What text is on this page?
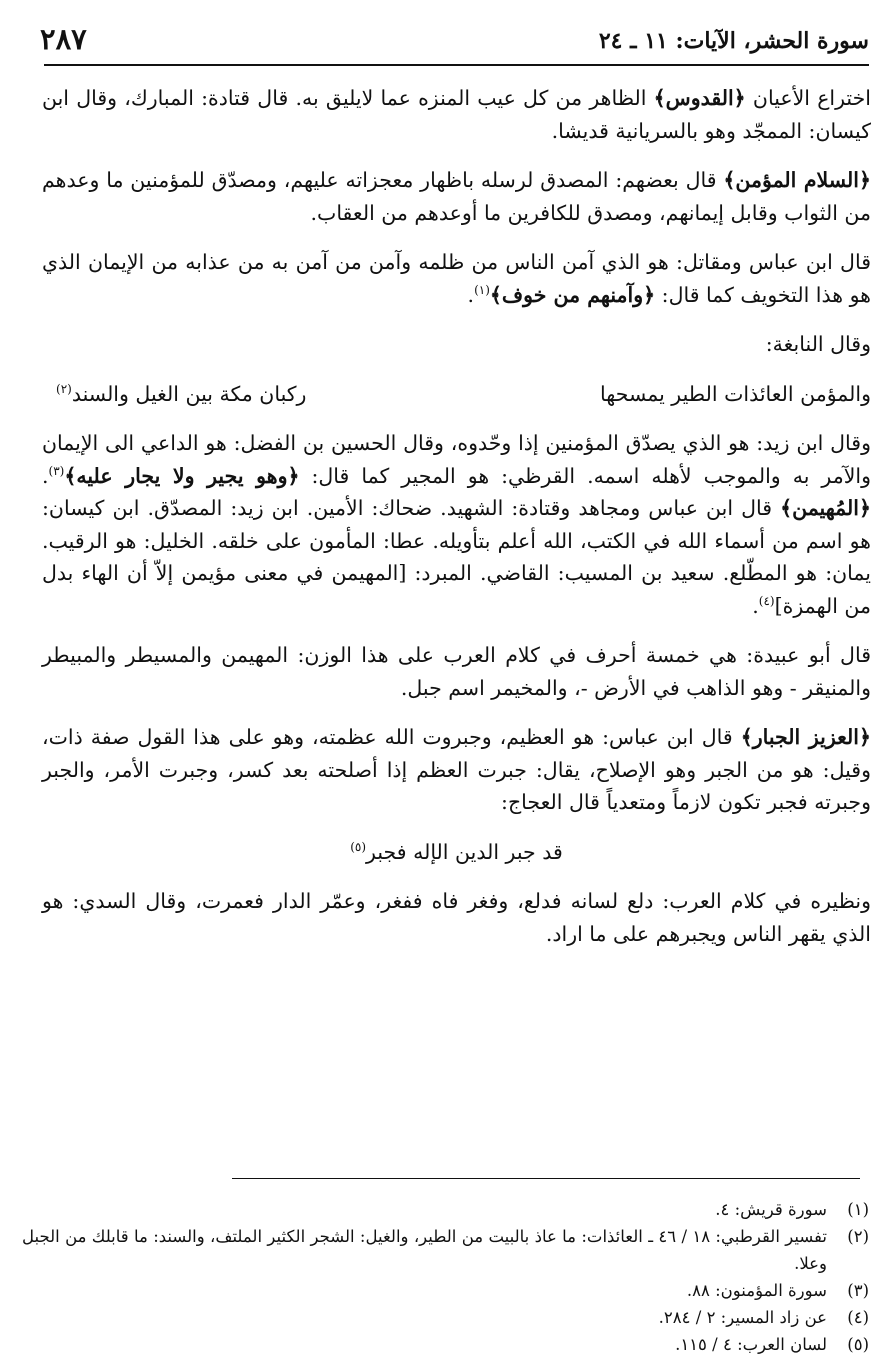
سورة الحشر، الآيات: ١١ ـ ٢٤
٢٨٧

اختراع الأعيان ﴿القدوس﴾ الظاهر من كل عيب المنزه عما لايليق به. قال قتادة: المبارك، وقال ابن كيسان: الممجّد وهو بالسريانية قديشا.

﴿السلام المؤمن﴾ قال بعضهم: المصدق لرسله باظهار معجزاته عليهم، ومصدّق للمؤمنين ما وعدهم من الثواب وقابل إيمانهم، ومصدق للكافرين ما أوعدهم من العقاب.

قال ابن عباس ومقاتل: هو الذي آمن الناس من ظلمه وآمن من آمن به من عذابه من الإيمان الذي هو هذا التخويف كما قال: ﴿وآمنهم من خوف﴾$^{(١)}$.

وقال النابغة:

والمؤمن العائذات الطير يمسحها
ركبان مكة بين الغيل والسند$^{(٢)}$

وقال ابن زيد: هو الذي يصدّق المؤمنين إذا وحّدوه، وقال الحسين بن الفضل: هو الداعي الى الإيمان والآمر به والموجب لأهله اسمه. القرظي: هو المجير كما قال: ﴿وهو يجير ولا يجار عليه﴾$^{(٣)}$. ﴿المُهيمن﴾ قال ابن عباس ومجاهد وقتادة: الشهيد. ضحاك: الأمين. ابن زيد: المصدّق. ابن كيسان: هو اسم من أسماء الله في الكتب، الله أعلم بتأويله. عطا: المأمون على خلقه. الخليل: هو الرقيب. يمان: هو المطّلع. سعيد بن المسيب: القاضي. المبرد: [المهيمن في معنى مؤيمن إلاّ أن الهاء بدل من الهمزة]$^{(٤)}$.

قال أبو عبيدة: هي خمسة أحرف في كلام العرب على هذا الوزن: المهيمن والمسيطر والمبيطر والمنيقر - وهو الذاهب في الأرض -، والمخيمر اسم جبل.

﴿العزيز الجبار﴾ قال ابن عباس: هو العظيم، وجبروت الله عظمته، وهو على هذا القول صفة ذات، وقيل: هو من الجبر وهو الإصلاح، يقال: جبرت العظم إذا أصلحته بعد كسر، وجبرت الأمر، والجبر وجبرته فجبر تكون لازماً ومتعدياً قال العجاج:

قد جبر الدين الإله فجبر$^{(٥)}$

ونظيره في كلام العرب: دلع لسانه فدلع، وفغر فاه ففغر، وعمّر الدار فعمرت، وقال السدي: هو الذي يقهر الناس ويجبرهم على ما اراد.

(١)
سورة قريش: ٤.
(٢)
تفسير القرطبي: ١٨ / ٤٦ ـ العائذات: ما عاذ بالبيت من الطير، والغيل: الشجر الكثير الملتف، والسند: ما قابلك من الجبل وعلا.
(٣)
سورة المؤمنون: ٨٨.
(٤)
عن زاد المسير: ٢ / ٢٨٤.
(٥)
لسان العرب: ٤ / ١١٥.
